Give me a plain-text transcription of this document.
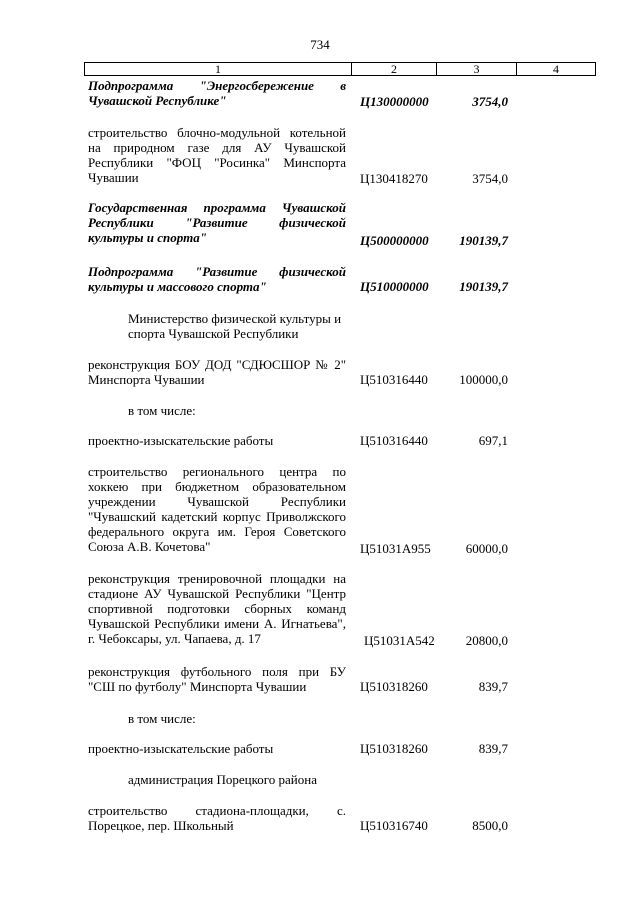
734
1	2	3	4
Подпрограмма "Энергосбережение в Чувашской Республике"	Ц130000000	3754,0
строительство блочно-модульной котельной на природном газе для АУ Чувашской Республики "ФОЦ "Росинка" Минспорта Чувашии	Ц130418270	3754,0
Государственная программа Чувашской Республики "Развитие физической культуры и спорта"	Ц500000000	190139,7
Подпрограмма "Развитие физической культуры и массового спорта"	Ц510000000	190139,7
Министерство физической культуры и спорта Чувашской Республики
реконструкция БОУ ДОД "СДЮСШОР № 2" Минспорта Чувашии	Ц510316440	100000,0
в том числе:
проектно-изыскательские работы	Ц510316440	697,1
строительство регионального центра по хоккею при бюджетном образовательном учреждении Чувашской Республики "Чувашский кадетский корпус Приволжского федерального округа им. Героя Советского Союза А.В. Кочетова"	Ц51031А955	60000,0
реконструкция тренировочной площадки на стадионе АУ Чувашской Республики "Центр спортивной подготовки сборных команд Чувашской Республики имени А. Игнатьева", г. Чебоксары, ул. Чапаева, д. 17	Ц51031А542	20800,0
реконструкция футбольного поля при БУ "СШ по футболу" Минспорта Чувашии	Ц510318260	839,7
в том числе:
проектно-изыскательские работы	Ц510318260	839,7
администрация Порецкого района
строительство стадиона-площадки, с. Порецкое, пер. Школьный	Ц510316740	8500,0
